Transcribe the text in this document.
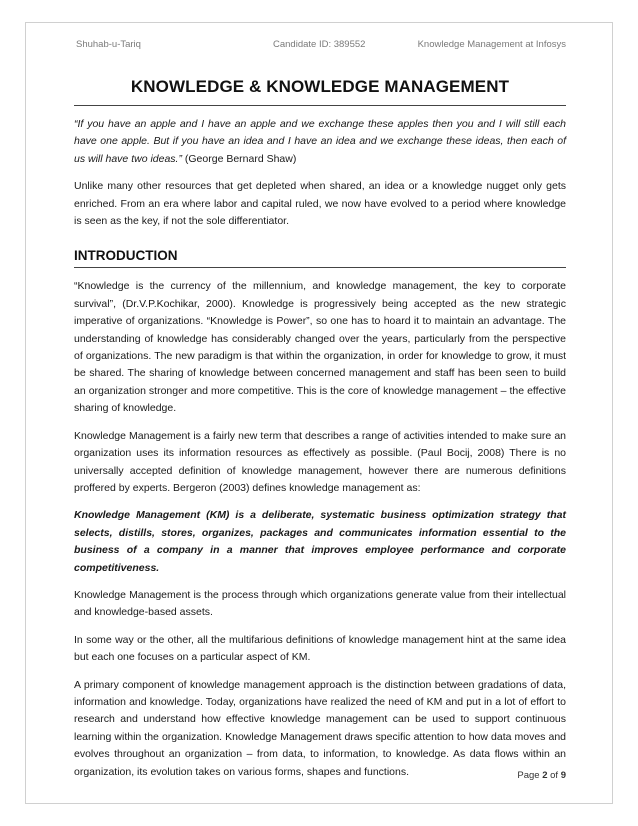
Shuhab-u-Tariq	Candidate ID: 389552	Knowledge Management at Infosys
KNOWLEDGE & KNOWLEDGE MANAGEMENT

“If you have an apple and I have an apple and we exchange these apples then you and I will still each have one apple. But if you have an idea and I have an idea and we exchange these ideas, then each of us will have two ideas.” (George Bernard Shaw)

Unlike many other resources that get depleted when shared, an idea or a knowledge nugget only gets enriched. From an era where labor and capital ruled, we now have evolved to a period where knowledge is seen as the key, if not the sole differentiator.

INTRODUCTION

“Knowledge is the currency of the millennium, and knowledge management, the key to corporate survival”, (Dr.V.P.Kochikar, 2000). Knowledge is progressively being accepted as the new strategic imperative of organizations. “Knowledge is Power”, so one has to hoard it to maintain an advantage. The understanding of knowledge has considerably changed over the years, particularly from the perspective of organizations. The new paradigm is that within the organization, in order for knowledge to grow, it must be shared. The sharing of knowledge between concerned management and staff has been seen to build an organization stronger and more competitive. This is the core of knowledge management – the effective sharing of knowledge.

Knowledge Management is a fairly new term that describes a range of activities intended to make sure an organization uses its information resources as effectively as possible. (Paul Bocij, 2008) There is no universally accepted definition of knowledge management, however there are numerous definitions proffered by experts. Bergeron (2003) defines knowledge management as:

Knowledge Management (KM) is a deliberate, systematic business optimization strategy that selects, distills, stores, organizes, packages and communicates information essential to the business of a company in a manner that improves employee performance and corporate competitiveness.

Knowledge Management is the process through which organizations generate value from their intellectual and knowledge-based assets.

In some way or the other, all the multifarious definitions of knowledge management hint at the same idea but each one focuses on a particular aspect of KM.

A primary component of knowledge management approach is the distinction between gradations of data, information and knowledge. Today, organizations have realized the need of KM and put in a lot of effort to research and understand how effective knowledge management can be used to support continuous learning within the organization. Knowledge Management draws specific attention to how data moves and evolves throughout an organization – from data, to information, to knowledge. As data flows within an organization, its evolution takes on various forms, shapes and functions.	Page 2 of 9
